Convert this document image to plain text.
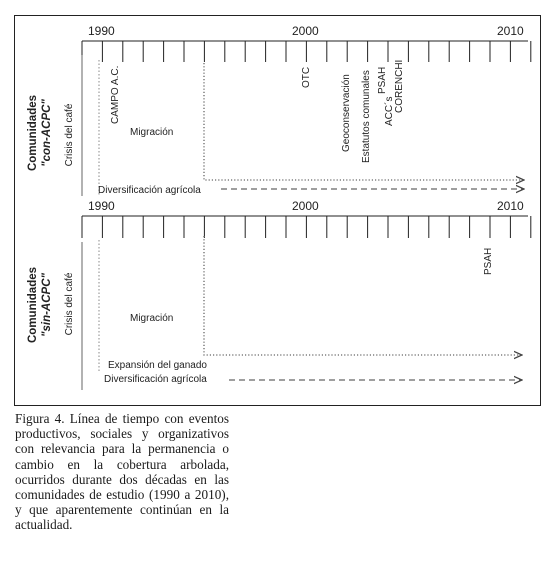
1990	2000	2010
Comunidades "con-ACPC" Crisis del café
CAMPO A.C.	OTC	Geoconservación Estatutos comunales PSAH
ACC´s CORENCHI
Migración
Diversificación agrícola
1990	2000	2010
Comunidades "sin-ACPC" Crisis del café
PSAH
Migración
Expansión del ganado
Diversificación agrícola
Figura 4. Línea de tiempo con eventos productivos, sociales y organizativos con relevancia para la permanencia o cambio en la cobertura arbolada, ocurridos durante dos décadas en las comunidades de estudio (1990 a 2010), y que aparentemente continúan en la actualidad.
